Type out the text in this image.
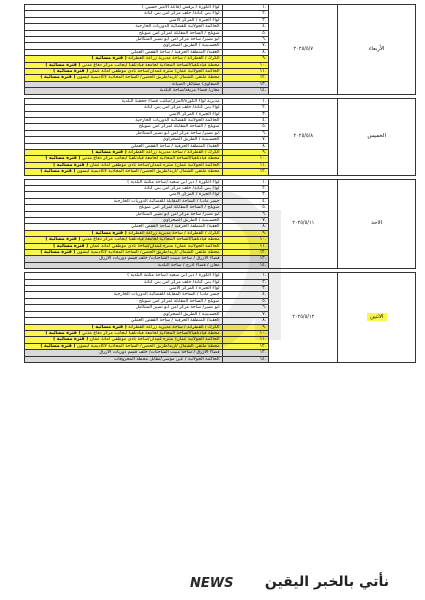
الأربعاء	٢٠٢٥/٥/٧	.١	لواء الكورة / برقش (قاعة الأمير حسين )
		.٢	لواء بني كنانة/ خلف مركز امن بني كنانة
		.٣	لواء الجيزة / المركز الأمني
		.٤	الحاكمة الجولانية للقضائية الدوريات الخارجية
		.٥	صويلح / الساحة المقابلة لمركز امن صويلح
		.٦	أبو نصير/ ساحة مركز امن أبو نصير المتكامل
		.٧	الحسـينية / الطريق الصحراوي
		.٨	العقبة/ المنطقة الحرفية / ساحة القفص العملي
		.٩	الكرك / القطرانة / ساحة مديرية زراعة القطرانة ( فترة مسائية )
		.١٠	محطة قيادتلفيا/الساحة المحاذية لجامعة قيادتلفيا /بجانب مركز دفاع مدني ( فترة مسائية )
		.١١	الحاكمة الجولانية عمان/ متنزه غمدان/ساحة نادي موظفي أمانة عمان ( فترة مسائية )
		.١٢	محطة ملتقى الشمال /اربد/طريق الحصن/ الساحة المحاذية لأكاديمية ايسون ( فترة مسائية )
		.١٣	الصفاوي/ مشاغل الصيانة
		.١٤	معان/ قضاء مريغة/ساحة البلدية

الخميس	٢٠٢٥/٥/٨	.١	مديرية لواء الكورة/المزار/مكتب قضاء جحفية البلدية
		.٢	لواء بني كنانة/ خلف مركز امن بني كنانة
		.٣	لواء الجيزة / المركز الأمني
		.٤	الحاكمة الجولانية للقضائية الدوريات الخارجية
		.٥	صويلح / الساحة المقابلة لمركز امن صويلح
		.٦	أبو نصير/ ساحة مركز امن أبو نصير المتكامل
		.٧	الحسـينية / الطريق الصحراوي
		.٨	العقبة/ المنطقة الحرفية / ساحة القفص العملي
		.٩	الكرك / القطرانة / ساحة مديرية زراعة القطرانة ( فترة مسائية )
		.١٠	محطة قيادتلفيا/الساحة المحاذية لجامعة قيادتلفيا /بجانب مركز دفاع مدني ( فترة مسائية )
		.١١	الحاكمة الجولانية عمان/ متنزه غمدان/ساحة نادي موظفي أمانة عمان ( فترة مسائية )
		.١٢	محطة ملتقى الشمال /اربد/طريق الحصن/ الساحة المحاذية لأكاديمية ايسون ( فترة مسائية )

الاحد	٢٠٢٥/٥/١١	.١	لواء الكورة / دير أبي سعيد (ساحة مكتبة البلدية )
		.٢	لواء بني كنانة/ خلف مركز امن بني كنانة
		.٣	لواء الجيزة / المركز الأمني
		.٤	جسر مادبا / الساحة المقابلة للقضائية الدوريات الخارجية
		.٥	صويلح / الساحة المقابلة لمركز امن صويلح
		.٦	أبو نصير/ ساحة مركز امن أبو نصير المتكامل
		.٧	الحسـينية / الطريق الصحراوي
		.٨	العقبة/ المنطقة الحرفية / ساحة القفص العملي
		.٩	الكرك / القطرانة / ساحة مديرية زراعة القطرانة ( فترة مسائية )
		.١٠	محطة قيادتلفيا/الساحة المحاذية لجامعة قيادتلفيا /بجانب مركز دفاع مدني ( فترة مسائية )
		.١١	الحاكمة الجولانية عمان/ متنزه غمدان/ساحة نادي موظفي أمانة عمان ( فترة مسائية )
		.١٢	محطة ملتقى الشمال /اربد/طريق الحصن/ الساحة المحاذية لأكاديمية ايسون ( فترة مسائية )
		.١٣	قضاء الأزرق / ساحة مبيت الشاحنات/ خلف قسم دوريات الأزرق
		.١٤	معان / قضاء اذرح / ساحة البلدية

الاثنين	٢٠٢٥/٥/١٢	.١	لواء الكورة / دير أبي سعيد (ساحة مكتبة البلدية )
		.٢	لواء بني كنانة/ خلف مركز امن بني كنانة
		.٣	لواء الجيزة / المركز الأمني
		.٤	جسر مادبا / الساحة المقابلة للقضائية الدوريات الخارجية
		.٥	صويلح / الساحة المقابلة لمركز امن صويلح
		.٦	أبو نصير/ ساحة مركز امن أبو نصير المتكامل
		.٧	الحسـينية / الطريق الصحراوي
		.٨	العقبة/ المنطقة الحرفية / ساحة القفص العملي
		.٩	الكرك / القطرانة / ساحة مديرية زراعة القطرانة ( فترة مسائية )
		.١٠	محطة قيادتلفيا/الساحة المحاذية لجامعة قيادتلفيا /بجانب مركز دفاع مدني ( فترة مسائية )
		.١١	الحاكمة الجولانية عمان/ متنزه غمدان/ساحة نادي موظفي أمانة عمان ( فترة مسائية )
		.١٢	محطة ملتقى الشمال /اربد/طريق الحصن/ الساحة المحاذية لأكاديمية ايسون ( فترة مسائية )
		.١٣	قضاء الأزرق / ساحة مبيت الشاحنات/ خلف قسم دوريات الأزرق
		.١٤	الحاكمة الجولانية / عين موسى/مقابل محطة المحروقات
NEWS نأتي بالخبر اليقين
